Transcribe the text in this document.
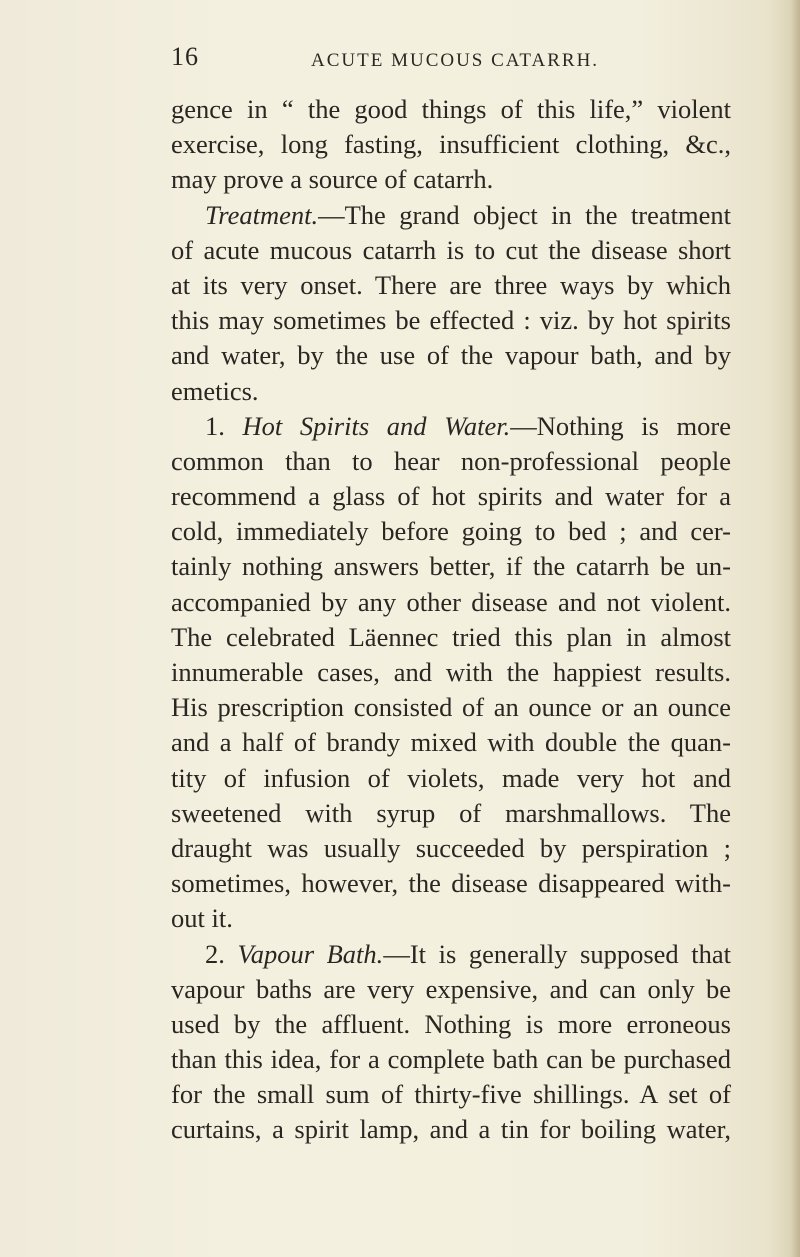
16	ACUTE MUCOUS CATARRH.
gence in “ the good things of this life,” violent
exercise, long fasting, insufficient clothing, &c.,
may prove a source of catarrh.
Treatment.—The grand object in the treatment
of acute mucous catarrh is to cut the disease short
at its very onset. There are three ways by which
this may sometimes be effected : viz. by hot spirits
and water, by the use of the vapour bath, and by
emetics.
1. Hot Spirits and Water.—Nothing is more
common than to hear non-professional people
recommend a glass of hot spirits and water for a
cold, immediately before going to bed ; and cer-
tainly nothing answers better, if the catarrh be un-
accompanied by any other disease and not violent.
The celebrated Läennec tried this plan in almost
innumerable cases, and with the happiest results.
His prescription consisted of an ounce or an ounce
and a half of brandy mixed with double the quan-
tity of infusion of violets, made very hot and
sweetened with syrup of marshmallows. The
draught was usually succeeded by perspiration ;
sometimes, however, the disease disappeared with-
out it.
2. Vapour Bath.—It is generally supposed that
vapour baths are very expensive, and can only be
used by the affluent. Nothing is more erroneous
than this idea, for a complete bath can be purchased
for the small sum of thirty-five shillings. A set of
curtains, a spirit lamp, and a tin for boiling water,
